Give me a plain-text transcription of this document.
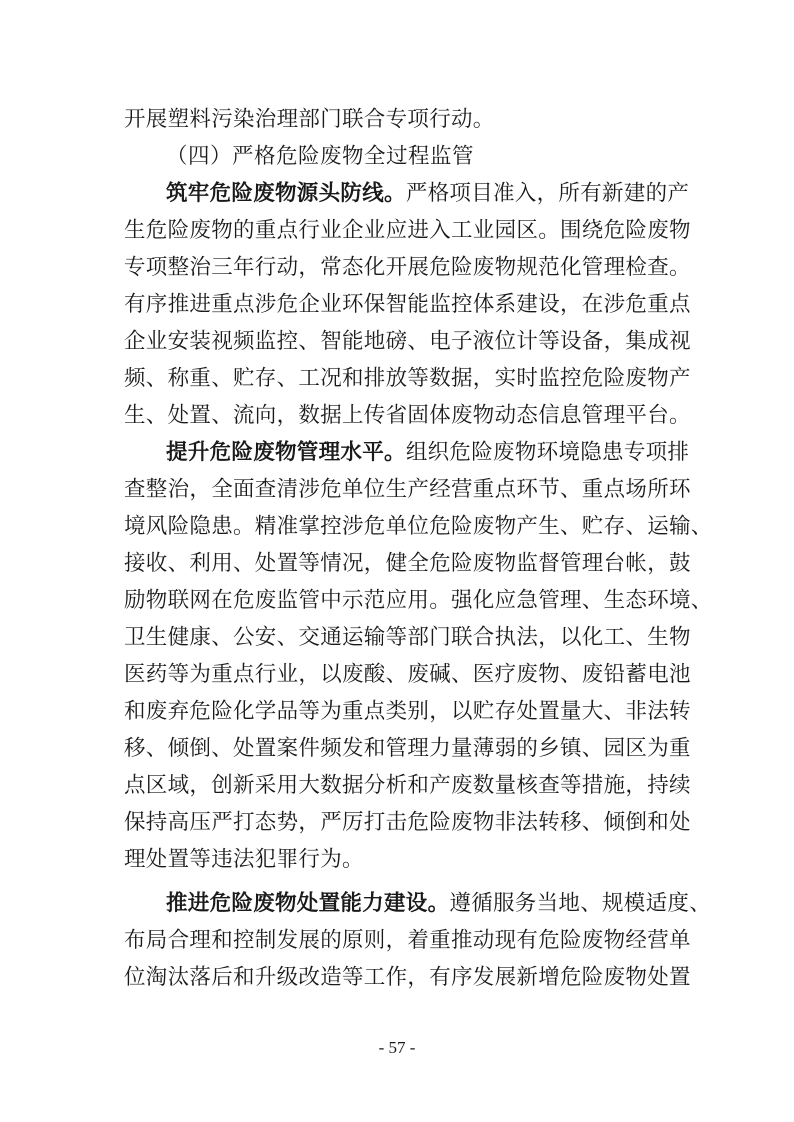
开展塑料污染治理部门联合专项行动。
（四）严格危险废物全过程监管
筑牢危险废物源头防线。严格项目准入，所有新建的产
生危险废物的重点行业企业应进入工业园区。围绕危险废物
专项整治三年行动，常态化开展危险废物规范化管理检查。
有序推进重点涉危企业环保智能监控体系建设，在涉危重点
企业安装视频监控、智能地磅、电子液位计等设备，集成视
频、称重、贮存、工况和排放等数据，实时监控危险废物产
生、处置、流向，数据上传省固体废物动态信息管理平台。
提升危险废物管理水平。组织危险废物环境隐患专项排
查整治，全面查清涉危单位生产经营重点环节、重点场所环
境风险隐患。精准掌控涉危单位危险废物产生、贮存、运输、
接收、利用、处置等情况，健全危险废物监督管理台帐，鼓
励物联网在危废监管中示范应用。强化应急管理、生态环境、
卫生健康、公安、交通运输等部门联合执法，以化工、生物
医药等为重点行业，以废酸、废碱、医疗废物、废铅蓄电池
和废弃危险化学品等为重点类别，以贮存处置量大、非法转
移、倾倒、处置案件频发和管理力量薄弱的乡镇、园区为重
点区域，创新采用大数据分析和产废数量核查等措施，持续
保持高压严打态势，严厉打击危险废物非法转移、倾倒和处
理处置等违法犯罪行为。
推进危险废物处置能力建设。遵循服务当地、规模适度、
布局合理和控制发展的原则，着重推动现有危险废物经营单
位淘汰落后和升级改造等工作，有序发展新增危险废物处置
- 57 -
